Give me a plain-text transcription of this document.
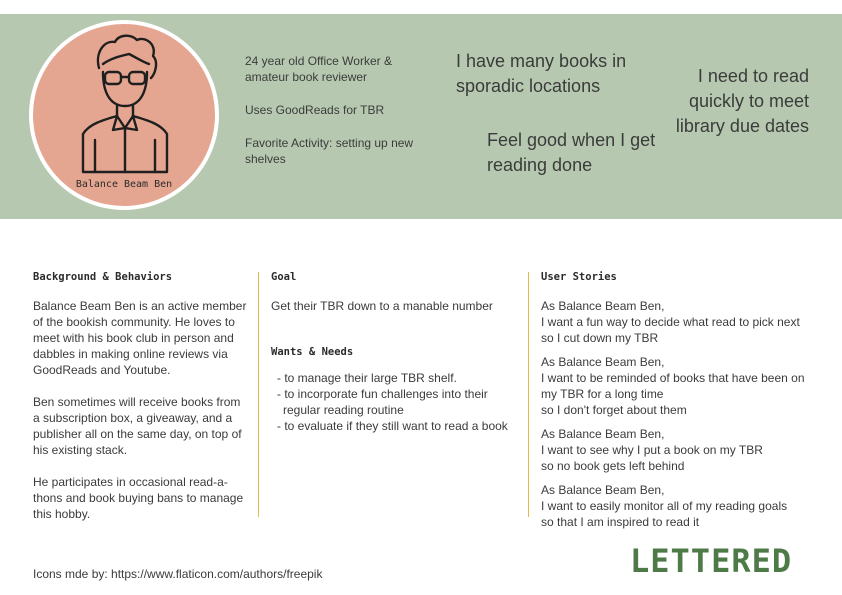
Balance Beam Ben

24 year old Office Worker & amateur book reviewer

Uses GoodReads for TBR

Favorite Activity: setting up new shelves

I have many books in sporadic locations
Feel good when I get reading done
I need to read quickly to meet library due dates
Background & Behaviors

Balance Beam Ben is an active member of the bookish community. He loves to meet with his book club in person and dabbles in making online reviews via GoodReads and Youtube.

Ben sometimes will receive books from a subscription box, a giveaway, and a publisher all on the same day, on top of his existing stack.

He participates in occasional read-a-thons and book buying bans to manage this hobby.

Goal

Get their TBR down to a manable number

Wants & Needs
- to manage their large TBR shelf.
- to incorporate fun challenges into their regular reading routine
- to evaluate if they still want to read a book
User Stories

As Balance Beam Ben,

I want a fun way to decide what read to pick next

so I cut down my TBR

As Balance Beam Ben,

I want to be reminded of books that have been on my TBR for a long time

so I don't forget about them

As Balance Beam Ben,

I want to see why I put a book on my TBR

so no book gets left behind

As Balance Beam Ben,

I want to easily monitor all of my reading goals

so that I am inspired to read it

Icons mde by: https://www.flaticon.com/authors/freepik	LETTERED
